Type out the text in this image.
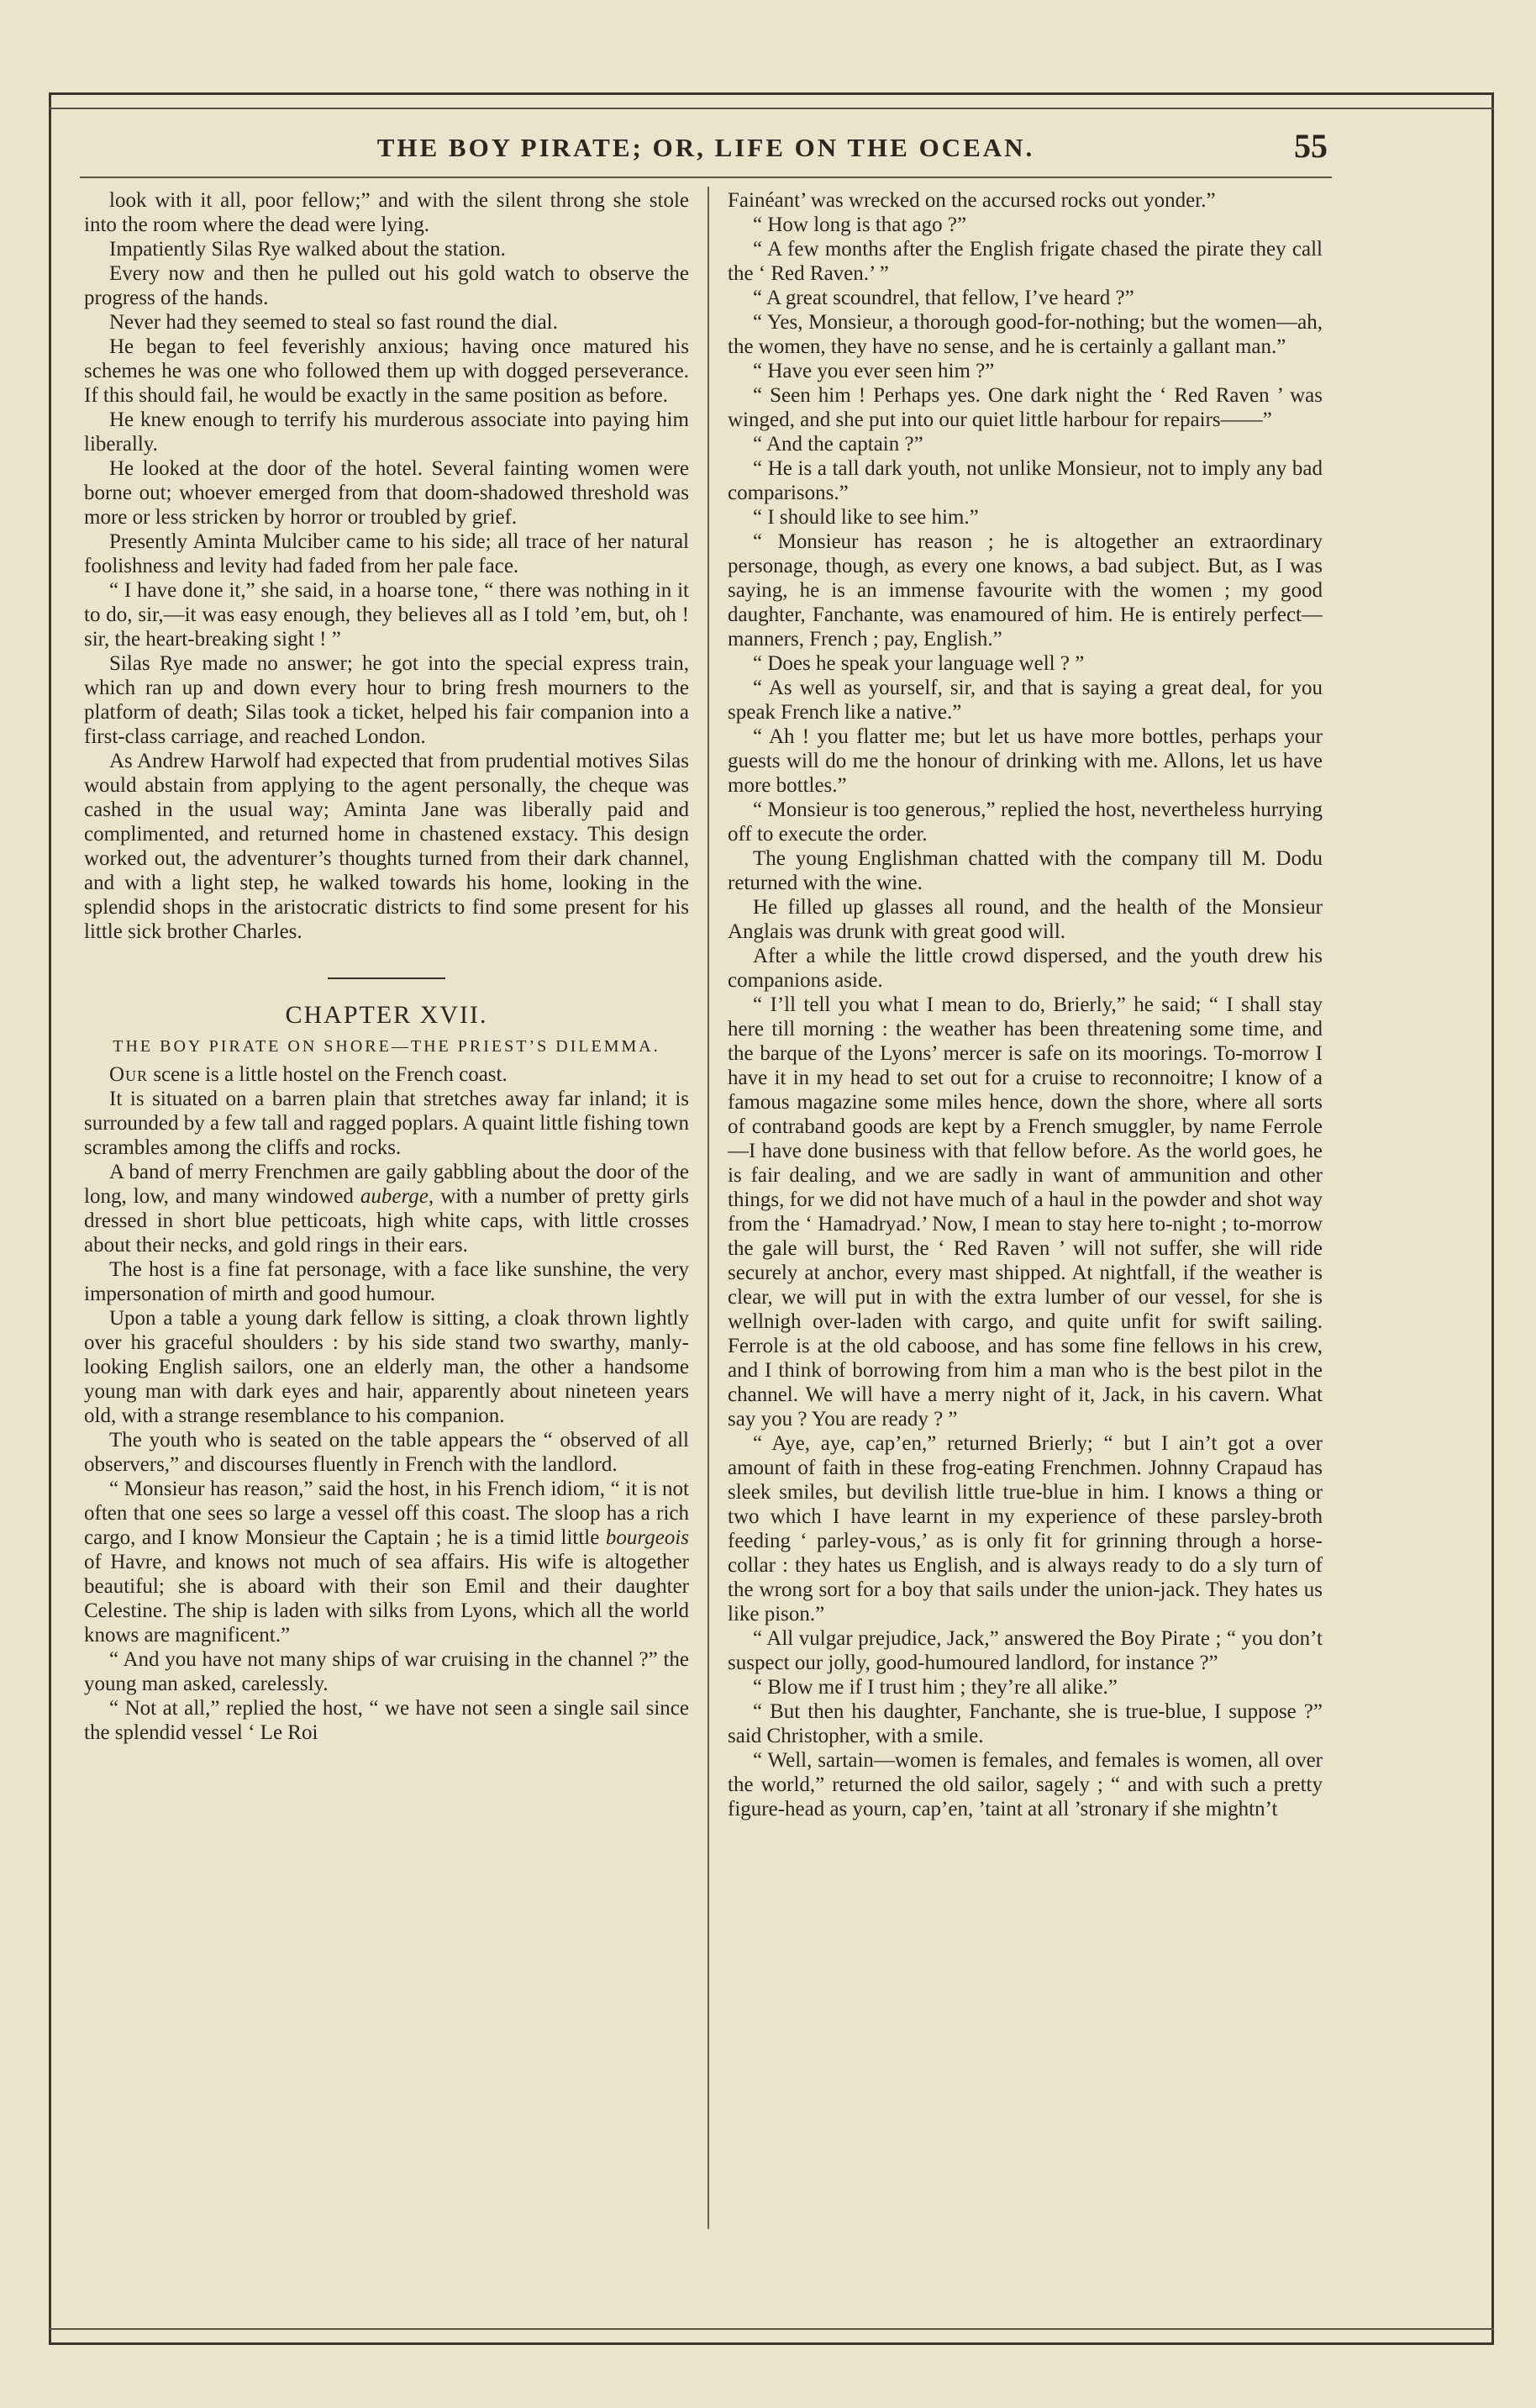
THE BOY PIRATE; OR, LIFE ON THE OCEAN.	55

look with it all, poor fellow;” and with the silent throng she stole into the room where the dead were lying.

Impatiently Silas Rye walked about the station.

Every now and then he pulled out his gold watch to observe the progress of the hands.

Never had they seemed to steal so fast round the dial.

He began to feel feverishly anxious; having once matured his schemes he was one who followed them up with dogged perseverance. If this should fail, he would be exactly in the same position as before.

He knew enough to terrify his murderous associate into paying him liberally.

He looked at the door of the hotel. Several fainting women were borne out; whoever emerged from that doom-shadowed threshold was more or less stricken by horror or troubled by grief.

Presently Aminta Mulciber came to his side; all trace of her natural foolishness and levity had faded from her pale face.

“ I have done it,” she said, in a hoarse tone, “ there was nothing in it to do, sir,—it was easy enough, they believes all as I told ’em, but, oh ! sir, the heart-breaking sight ! ”

Silas Rye made no answer; he got into the special express train, which ran up and down every hour to bring fresh mourners to the platform of death; Silas took a ticket, helped his fair companion into a first-class carriage, and reached London.

As Andrew Harwolf had expected that from prudential motives Silas would abstain from applying to the agent personally, the cheque was cashed in the usual way; Aminta Jane was liberally paid and complimented, and returned home in chastened exstacy. This design worked out, the adventurer’s thoughts turned from their dark channel, and with a light step, he walked towards his home, looking in the splendid shops in the aristocratic districts to find some present for his little sick brother Charles.

CHAPTER XVII.
THE BOY PIRATE ON SHORE—THE PRIEST’S DILEMMA.

Our scene is a little hostel on the French coast.

It is situated on a barren plain that stretches away far inland; it is surrounded by a few tall and ragged poplars. A quaint little fishing town scrambles among the cliffs and rocks.

A band of merry Frenchmen are gaily gabbling about the door of the long, low, and many windowed auberge, with a number of pretty girls dressed in short blue petticoats, high white caps, with little crosses about their necks, and gold rings in their ears.

The host is a fine fat personage, with a face like sunshine, the very impersonation of mirth and good humour.

Upon a table a young dark fellow is sitting, a cloak thrown lightly over his graceful shoulders : by his side stand two swarthy, manly-looking English sailors, one an elderly man, the other a handsome young man with dark eyes and hair, apparently about nineteen years old, with a strange resemblance to his companion.

The youth who is seated on the table appears the “ observed of all observers,” and discourses fluently in French with the landlord.

“ Monsieur has reason,” said the host, in his French idiom, “ it is not often that one sees so large a vessel off this coast. The sloop has a rich cargo, and I know Monsieur the Captain ; he is a timid little bourgeois of Havre, and knows not much of sea affairs. His wife is altogether beautiful; she is aboard with their son Emil and their daughter Celestine. The ship is laden with silks from Lyons, which all the world knows are magnificent.”

“ And you have not many ships of war cruising in the channel ?” the young man asked, carelessly.

“ Not at all,” replied the host, “ we have not seen a single sail since the splendid vessel ‘ Le Roi

Fainéant’ was wrecked on the accursed rocks out yonder.”

“ How long is that ago ?”

“ A few months after the English frigate chased the pirate they call the ‘ Red Raven.’ ”

“ A great scoundrel, that fellow, I’ve heard ?”

“ Yes, Monsieur, a thorough good-for-nothing; but the women—ah, the women, they have no sense, and he is certainly a gallant man.”

“ Have you ever seen him ?”

“ Seen him ! Perhaps yes. One dark night the ‘ Red Raven ’ was winged, and she put into our quiet little harbour for repairs——”

“ And the captain ?”

“ He is a tall dark youth, not unlike Monsieur, not to imply any bad comparisons.”

“ I should like to see him.”

“ Monsieur has reason ; he is altogether an extraordinary personage, though, as every one knows, a bad subject. But, as I was saying, he is an immense favourite with the women ; my good daughter, Fanchante, was enamoured of him. He is entirely perfect—manners, French ; pay, English.”

“ Does he speak your language well ? ”

“ As well as yourself, sir, and that is saying a great deal, for you speak French like a native.”

“ Ah ! you flatter me; but let us have more bottles, perhaps your guests will do me the honour of drinking with me. Allons, let us have more bottles.”

“ Monsieur is too generous,” replied the host, nevertheless hurrying off to execute the order.

The young Englishman chatted with the company till M. Dodu returned with the wine.

He filled up glasses all round, and the health of the Monsieur Anglais was drunk with great good will.

After a while the little crowd dispersed, and the youth drew his companions aside.

“ I’ll tell you what I mean to do, Brierly,” he said; “ I shall stay here till morning : the weather has been threatening some time, and the barque of the Lyons’ mercer is safe on its moorings. To-morrow I have it in my head to set out for a cruise to reconnoitre; I know of a famous magazine some miles hence, down the shore, where all sorts of contraband goods are kept by a French smuggler, by name Ferrole—I have done business with that fellow before. As the world goes, he is fair dealing, and we are sadly in want of ammunition and other things, for we did not have much of a haul in the powder and shot way from the ‘ Hamadryad.’ Now, I mean to stay here to-night ; to-morrow the gale will burst, the ‘ Red Raven ’ will not suffer, she will ride securely at anchor, every mast shipped. At nightfall, if the weather is clear, we will put in with the extra lumber of our vessel, for she is wellnigh over-laden with cargo, and quite unfit for swift sailing. Ferrole is at the old caboose, and has some fine fellows in his crew, and I think of borrowing from him a man who is the best pilot in the channel. We will have a merry night of it, Jack, in his cavern. What say you ? You are ready ? ”

“ Aye, aye, cap’en,” returned Brierly; “ but I ain’t got a over amount of faith in these frog-eating Frenchmen. Johnny Crapaud has sleek smiles, but devilish little true-blue in him. I knows a thing or two which I have learnt in my experience of these parsley-broth feeding ‘ parley-vous,’ as is only fit for grinning through a horse-collar : they hates us English, and is always ready to do a sly turn of the wrong sort for a boy that sails under the union-jack. They hates us like pison.”

“ All vulgar prejudice, Jack,” answered the Boy Pirate ; “ you don’t suspect our jolly, good-humoured landlord, for instance ?”

“ Blow me if I trust him ; they’re all alike.”

“ But then his daughter, Fanchante, she is true-blue, I suppose ?” said Christopher, with a smile.

“ Well, sartain—women is females, and females is women, all over the world,” returned the old sailor, sagely ; “ and with such a pretty figure-head as yourn, cap’en, ’taint at all ’stronary if she mightn’t
